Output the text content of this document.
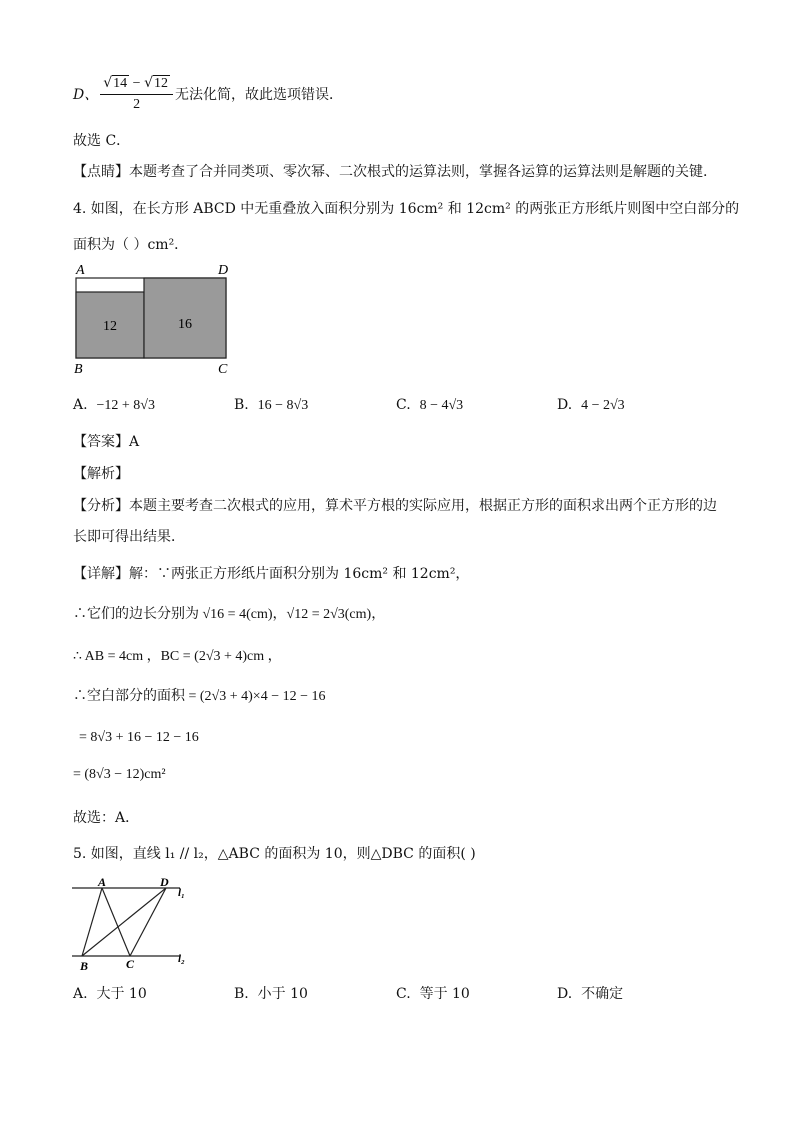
D、 $\frac{√14 - √12}{2}$ 无法化简，故此选项错误．
故选 C．
【点睛】本题考查了合并同类项、零次幂、二次根式的运算法则，掌握各运算的运算法则是解题的关键.
4. 如图，在长方形 ABCD 中无重叠放入面积分别为 16cm² 和 12cm² 的两张正方形纸片则图中空白部分的
面积为（ ）cm²．
A	D
B	C
12	16
A. −12 + 8√3	B. 16 − 8√3	C. 8 − 4√3	D. 4 − 2√3
【答案】A
【解析】
【分析】本题主要考查二次根式的应用，算术平方根的实际应用，根据正方形的面积求出两个正方形的边
长即可得出结果．
【详解】解：∵两张正方形纸片面积分别为 16cm² 和 12cm²，
∴它们的边长分别为 √16 = 4(cm)，√12 = 2√3(cm)，
∴ AB = 4cm ，BC = (2√3 + 4)cm ，
∴空白部分的面积 = (2√3 + 4)×4 − 12 − 16
= 8√3 + 16 − 12 − 16
= (8√3 − 12)cm²
故选：A．
5. 如图，直线 l₁ // l₂，△ABC 的面积为 10，则△DBC 的面积( )
A	D
B	C
l₁
l₂
A. 大于 10	B. 小于 10	C. 等于 10	D. 不确定
